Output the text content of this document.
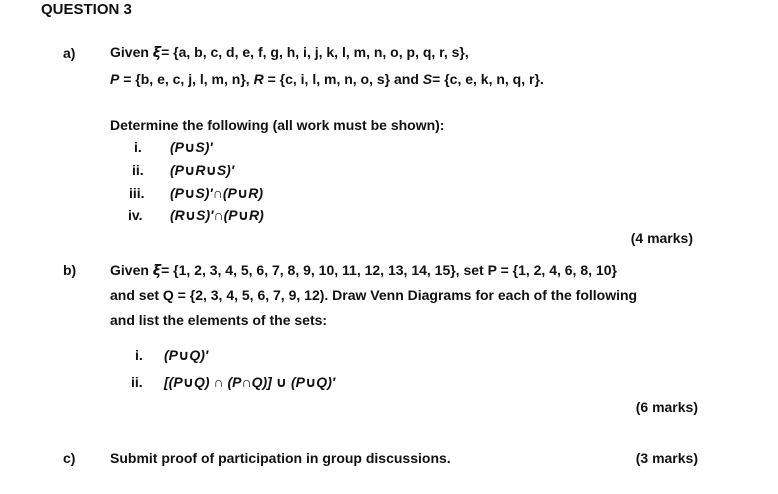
QUESTION 3
a) Given ξ= {a, b, c, d, e, f, g, h, i, j, k, l, m, n, o, p, q, r, s},
P = {b, e, c, j, l, m, n}, R = {c, i, l, m, n, o, s} and S= {c, e, k, n, q, r}.
Determine the following (all work must be shown):
i. (P∪S)′
ii. (P∪R∪S)′
iii. (P∪S)′∩(P∪R)
iv. (R∪S)′∩(P∪R)
(4 marks)
b) Given ξ= {1, 2, 3, 4, 5, 6, 7, 8, 9, 10, 11, 12, 13, 14, 15}, set P = {1, 2, 4, 6, 8, 10}
and set Q = {2, 3, 4, 5, 6, 7, 9, 12). Draw Venn Diagrams for each of the following
and list the elements of the sets:
i. (P∪Q)′
ii. [(P∪Q) ∩ (P∩Q)] ∪ (P∪Q)′
(6 marks)
c) Submit proof of participation in group discussions.	(3 marks)
